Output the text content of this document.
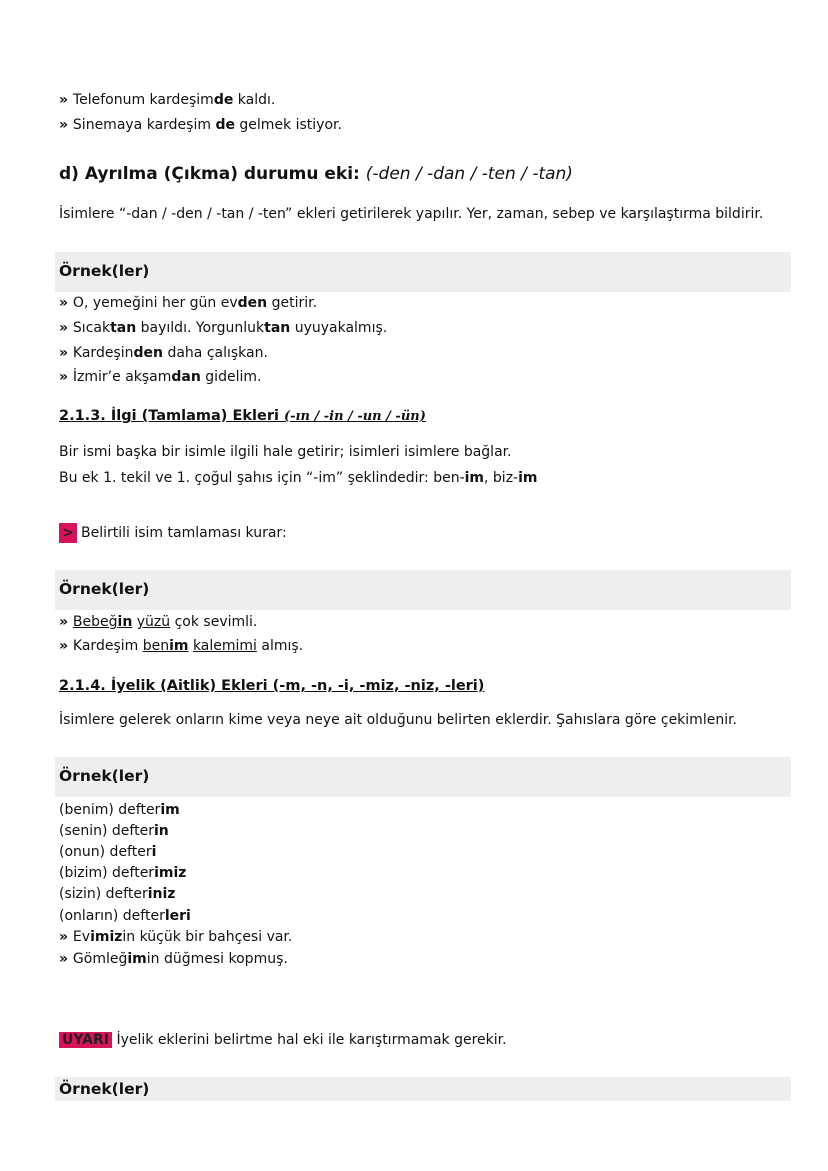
» Telefonum kardeşimde kaldı.
» Sinemaya kardeşim de gelmek istiyor.
d) Ayrılma (Çıkma) durumu eki: (-den / -dan / -ten / -tan)
İsimlere “-dan / -den / -tan / -ten” ekleri getirilerek yapılır. Yer, zaman, sebep ve karşılaştırma bildirir.
Örnek(ler)
» O, yemeğini her gün evden getirir.
» Sıcaktan bayıldı. Yorgunluktan uyuyakalmış.
» Kardeşinden daha çalışkan.
» İzmir’e akşamdan gidelim.
2.1.3. İlgi (Tamlama) Ekleri (-ın / -in / -un / -ün)
Bir ismi başka bir isimle ilgili hale getirir; isimleri isimlere bağlar.
Bu ek 1. tekil ve 1. çoğul şahıs için “-im” şeklindedir: ben-im, biz-im
> Belirtili isim tamlaması kurar:
Örnek(ler)
» Bebeğin yüzü çok sevimli.
» Kardeşim benim kalemimi almış.
2.1.4. İyelik (Aitlik) Ekleri (-m, -n, -i, -miz, -niz, -leri)
İsimlere gelerek onların kime veya neye ait olduğunu belirten eklerdir. Şahıslara göre çekimlenir.
Örnek(ler)
(benim) defterim
(senin) defterin
(onun) defteri
(bizim) defterimiz
(sizin) defteriniz
(onların) defterleri
» Evimizin küçük bir bahçesi var.
» Gömleğimin düğmesi kopmuş.
UYARI İyelik eklerini belirtme hal eki ile karıştırmamak gerekir.
Örnek(ler)
